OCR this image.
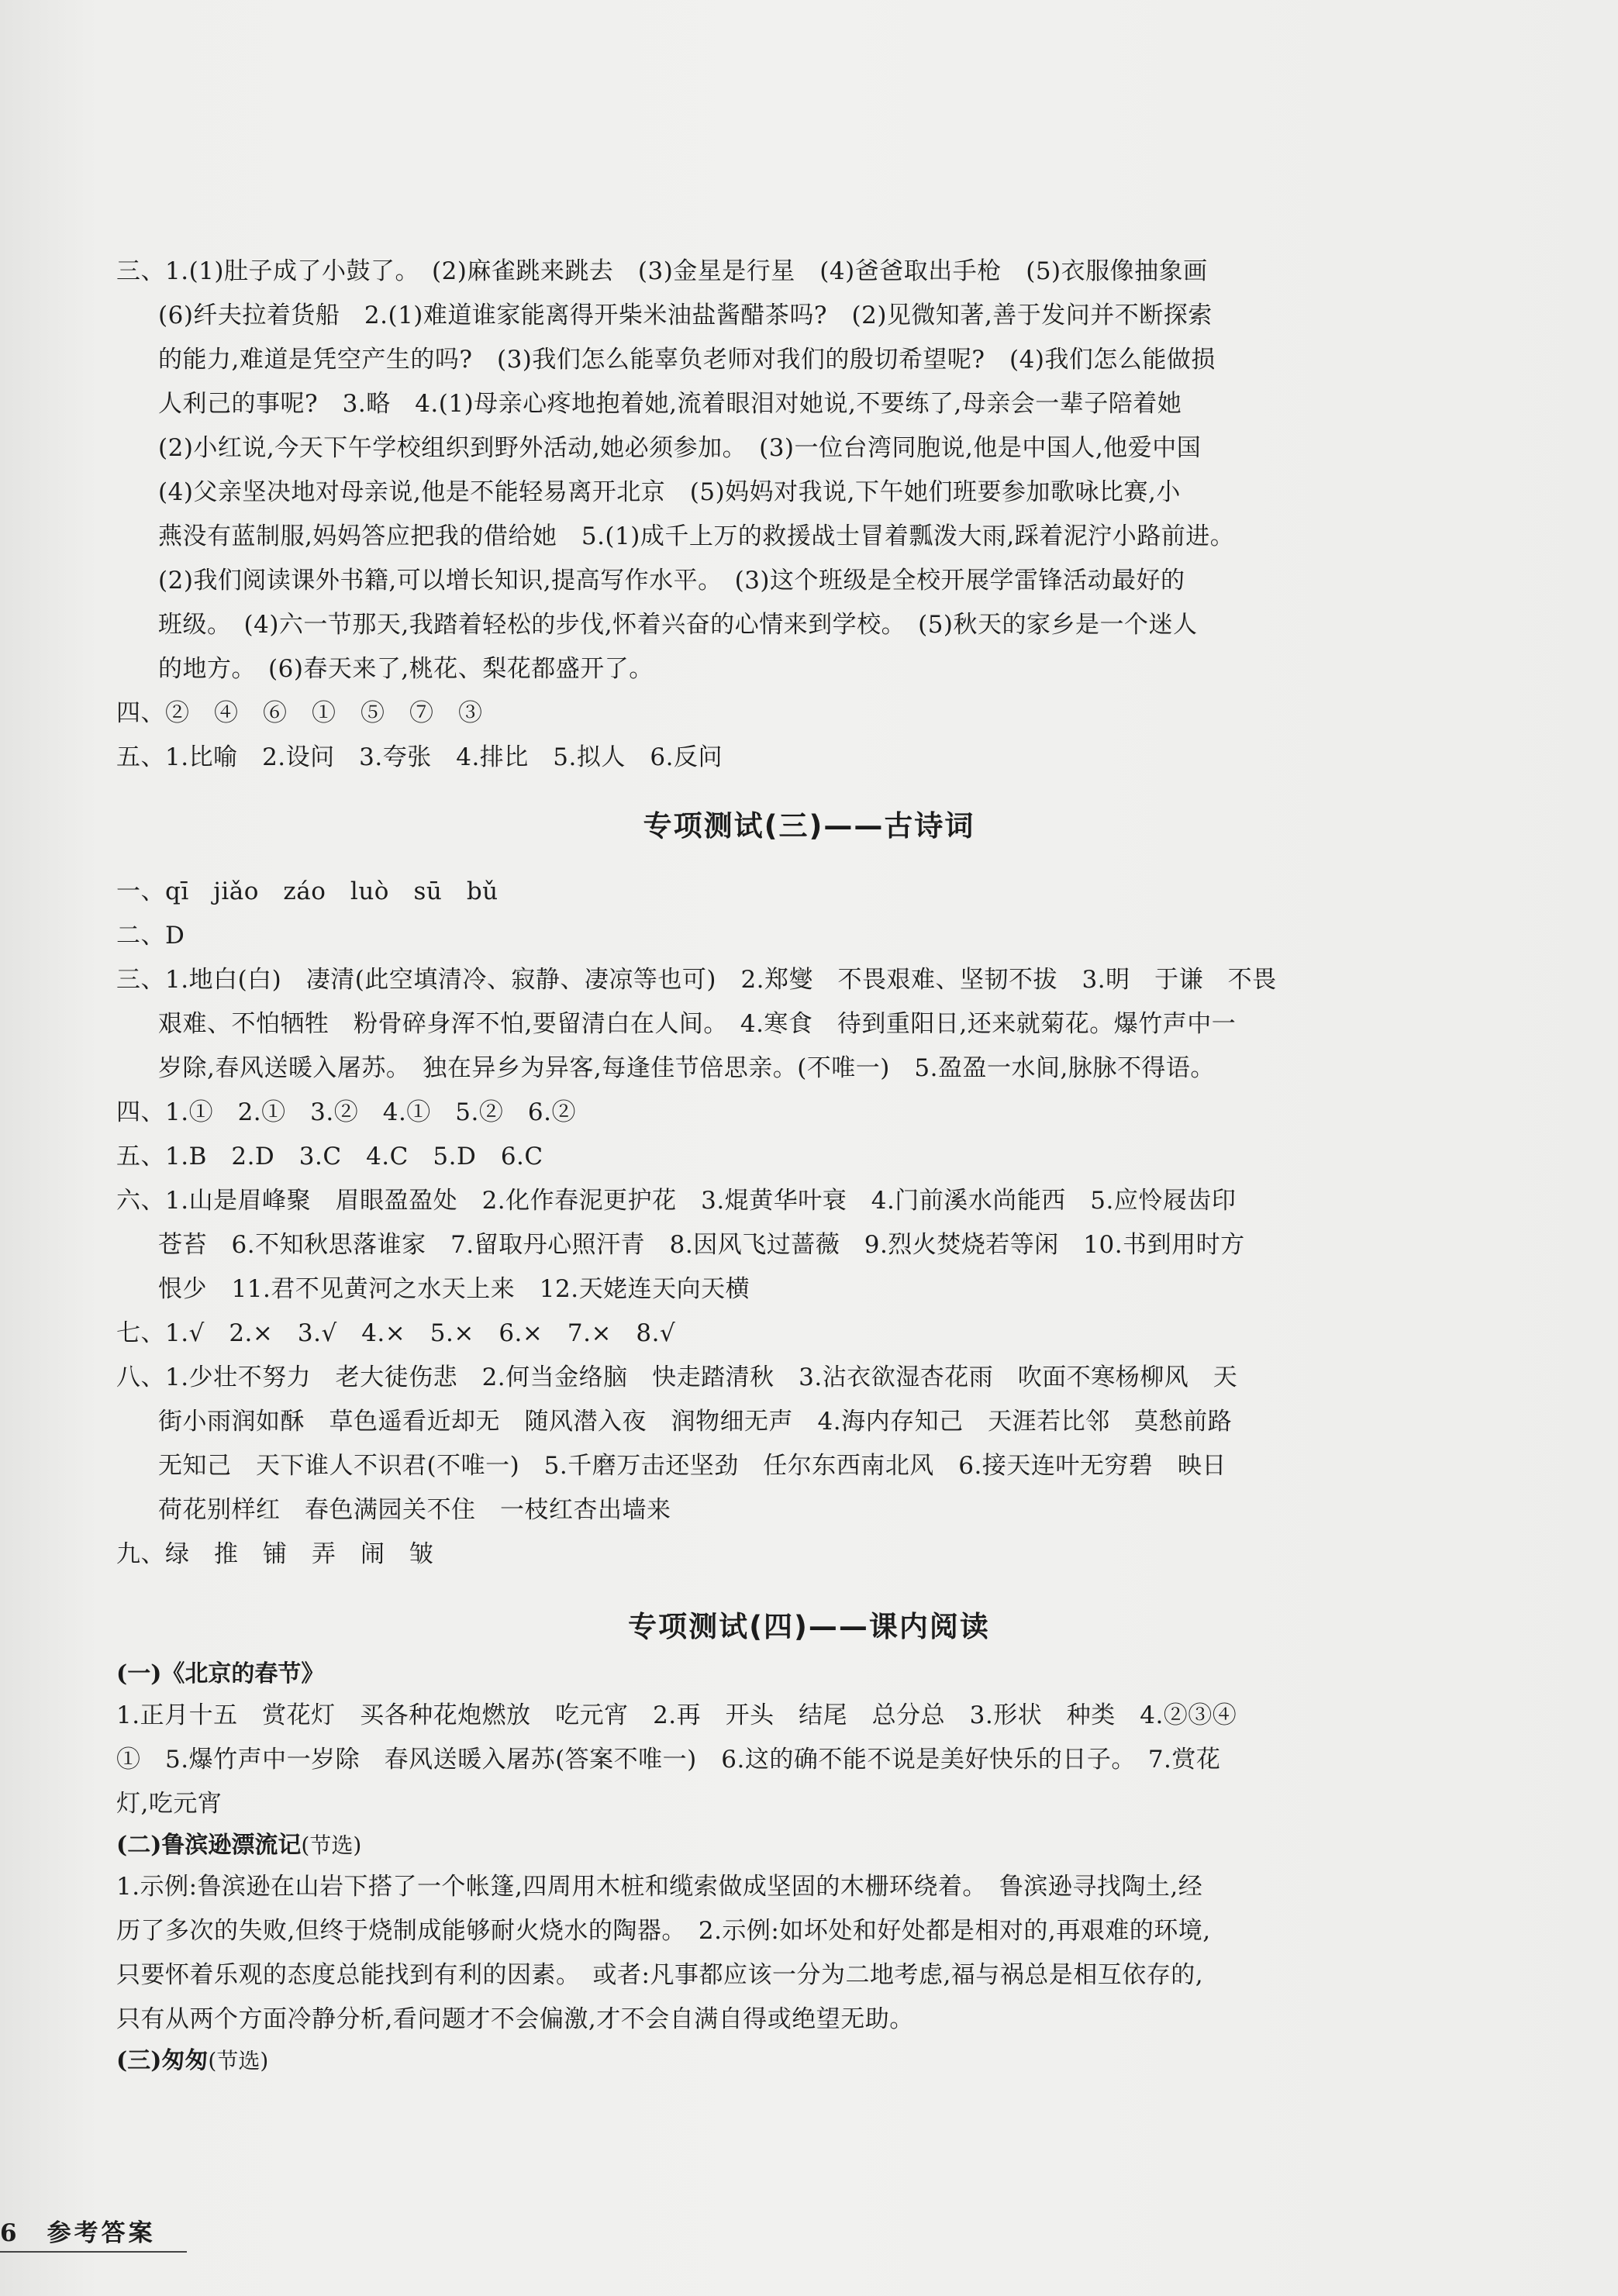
三、1.(1)肚子成了小鼓了。　(2)麻雀跳来跳去　(3)金星是行星　(4)爸爸取出手枪　(5)衣服像抽象画
(6)纤夫拉着货船　2.(1)难道谁家能离得开柴米油盐酱醋茶吗?　(2)见微知著,善于发问并不断探索
的能力,难道是凭空产生的吗?　(3)我们怎么能辜负老师对我们的殷切希望呢?　(4)我们怎么能做损
人利己的事呢?　3.略　4.(1)母亲心疼地抱着她,流着眼泪对她说,不要练了,母亲会一辈子陪着她
(2)小红说,今天下午学校组织到野外活动,她必须参加。　(3)一位台湾同胞说,他是中国人,他爱中国
(4)父亲坚决地对母亲说,他是不能轻易离开北京　(5)妈妈对我说,下午她们班要参加歌咏比赛,小
燕没有蓝制服,妈妈答应把我的借给她　5.(1)成千上万的救援战士冒着瓢泼大雨,踩着泥泞小路前进。
(2)我们阅读课外书籍,可以增长知识,提高写作水平。　(3)这个班级是全校开展学雷锋活动最好的
班级。　(4)六一节那天,我踏着轻松的步伐,怀着兴奋的心情来到学校。　(5)秋天的家乡是一个迷人
的地方。　(6)春天来了,桃花、梨花都盛开了。
四、②　④　⑥　①　⑤　⑦　③
五、1.比喻　2.设问　3.夸张　4.排比　5.拟人　6.反问
专项测试(三)——古诗词
一、qī　jiǎo　záo　luò　sū　bǔ
二、D
三、1.地白(白)　凄清(此空填清冷、寂静、凄凉等也可)　2.郑燮　不畏艰难、坚韧不拔　3.明　于谦　不畏
艰难、不怕牺牲　粉骨碎身浑不怕,要留清白在人间。　4.寒食　待到重阳日,还来就菊花。爆竹声中一
岁除,春风送暖入屠苏。　独在异乡为异客,每逢佳节倍思亲。(不唯一)　5.盈盈一水间,脉脉不得语。
四、1.①　2.①　3.②　4.①　5.②　6.②
五、1.B　2.D　3.C　4.C　5.D　6.C
六、1.山是眉峰聚　眉眼盈盈处　2.化作春泥更护花　3.焜黄华叶衰　4.门前溪水尚能西　5.应怜屐齿印
苍苔　6.不知秋思落谁家　7.留取丹心照汗青　8.因风飞过蔷薇　9.烈火焚烧若等闲　10.书到用时方
恨少　11.君不见黄河之水天上来　12.天姥连天向天横
七、1.√　2.×　3.√　4.×　5.×　6.×　7.×　8.√
八、1.少壮不努力　老大徒伤悲　2.何当金络脑　快走踏清秋　3.沾衣欲湿杏花雨　吹面不寒杨柳风　天
街小雨润如酥　草色遥看近却无　随风潜入夜　润物细无声　4.海内存知己　天涯若比邻　莫愁前路
无知己　天下谁人不识君(不唯一)　5.千磨万击还坚劲　任尔东西南北风　6.接天连叶无穷碧　映日
荷花别样红　春色满园关不住　一枝红杏出墙来
九、绿　推　铺　弄　闹　皱
专项测试(四)——课内阅读
(一)《北京的春节》
1.正月十五　赏花灯　买各种花炮燃放　吃元宵　2.再　开头　结尾　总分总　3.形状　种类　4.②③④
①　5.爆竹声中一岁除　春风送暖入屠苏(答案不唯一)　6.这的确不能不说是美好快乐的日子。　7.赏花
灯,吃元宵
(二)鲁滨逊漂流记(节选)
1.示例:鲁滨逊在山岩下搭了一个帐篷,四周用木桩和缆索做成坚固的木栅环绕着。　鲁滨逊寻找陶土,经
历了多次的失败,但终于烧制成能够耐火烧水的陶器。　2.示例:如坏处和好处都是相对的,再艰难的环境,
只要怀着乐观的态度总能找到有利的因素。　或者:凡事都应该一分为二地考虑,福与祸总是相互依存的,
只有从两个方面冷静分析,看问题才不会偏激,才不会自满自得或绝望无助。
(三)匆匆(节选)
6　参考答案
